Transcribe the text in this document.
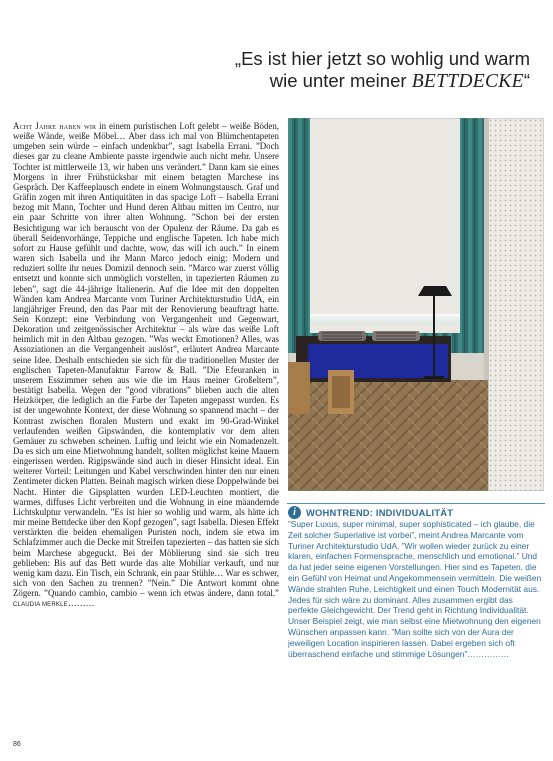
„Es ist hier jetzt so wohlig und warm
wie unter meiner BETTDECKE“

Acht Jahre haben wir in einem puristischen Loft gelebt – weiße Böden, weiße Wände, weiße Möbel… Aber dass ich mal von Blümchentapeten umgeben sein würde – einfach undenkbar”, sagt Isabella Errani. ”Doch dieses gar zu cleane Ambiente passte irgendwie auch nicht mehr. Unsere Tochter ist mittlerweile 13, wir haben uns verändert.” Dann kam sie eines Morgens in ihrer Frühstücksbar mit einem betagten Marchese ins Gespräch. Der Kaffeeplausch endete in einem Wohnungstausch. Graf und Gräfin zogen mit ihren Antiquitäten in das spacige Loft – Isabella Errani bezog mit Mann, Tochter und Hund deren Altbau mitten im Centro, nur ein paar Schritte von ihrer alten Wohnung. ”Schon bei der ersten Besichtigung war ich berauscht von der Opulenz der Räume. Da gab es überall Seidenvorhänge, Teppiche und englische Tapeten. Ich habe mich sofort zu Hause gefühlt und dachte, wow, das will ich auch.” In einem waren sich Isabella und ihr Mann Marco jedoch einig: Modern und reduziert sollte ihr neues Domizil dennoch sein. ”Marco war zuerst völlig entsetzt und konnte sich unmöglich vorstellen, in tapezierten Räumen zu leben”, sagt die 44-jährige Italienerin. Auf die Idee mit den doppelten Wänden kam Andrea Marcante vom Turiner Architekturstudio UdA, ein langjähriger Freund, den das Paar mit der Renovierung beauftragt hatte. Sein Konzept: eine Verbindung von Vergangenheit und Gegenwart, Dekoration und zeitgenössischer Architektur – als wäre das weiße Loft heimlich mit in den Altbau gezogen. ”Was weckt Emotionen? Alles, was Assoziationen an die Vergangenheit auslöst”, erläutert Andrea Marcante seine Idee. Deshalb entschieden sie sich für die traditionellen Muster der englischen Tapeten-Manufaktur Farrow & Ball. ”Die Efeuranken in unserem Esszimmer sehen aus wie die im Haus meiner Großeltern”, bestätigt Isabella. Wegen der ”good vibrations” blieben auch die alten Heizkörper, die lediglich an die Farbe der Tapeten angepasst wurden. Es ist der ungewohnte Kontext, der diese Wohnung so spannend macht – der Kontrast zwischen floralen Mustern und exakt im 90-Grad-Winkel verlaufenden weißen Gipswänden, die kontemplativ vor dem alten Gemäuer zu schweben scheinen. Luftig und leicht wie ein Nomadenzelt. Da es sich um eine Mietwohnung handelt, sollten möglichst keine Mauern eingerissen werden. Rigipswände sind auch in dieser Hinsicht ideal. Ein weiterer Vorteil: Leitungen und Kabel verschwinden hinter den nur einen Zentimeter dicken Platten. Beinah magisch wirken diese Doppelwände bei Nacht. Hinter die Gipsplatten wurden LED-Leuchten montiert, die warmes, diffuses Licht verbreiten und die Wohnung in eine mäandernde Lichtskulptur verwandeln. ”Es ist hier so wohlig und warm, als hätte ich mir meine Bettdecke über den Kopf gezogen”, sagt Isabella. Diesen Effekt verstärkten die beiden ehemaligen Puristen noch, indem sie etwa im Schlafzimmer auch die Decke mit Streifen tapezierten – das hatten sie sich beim Marchese abgeguckt. Bei der Möblierung sind sie sich treu geblieben: Bis auf das Bett wurde das alte Mobiliar verkauft, und nur wenig kam dazu. Ein Tisch, ein Schrank, ein paar Stühle… War es schwer, sich von den Sachen zu trennen? ”Nein.” Die Antwort kommt ohne Zögern. ”Quando cambio, cambio – wenn ich etwas ändere, dann total.” CLAUDIA MERKLE………

i	WOHNTREND: INDIVIDUALITÄT
”Super Luxus, super minimal, super sophisticated – ich glaube, die Zeit solcher Superlative ist vorbei”, meint Andrea Marcante vom Turiner Architekturstudio UdA. ”Wir wollen wieder zurück zu einer klaren, einfachen Formensprache, menschlich und emotional.” Und da hat jeder seine eigenen Vorstellungen. Hier sind es Tapeten, die ein Gefühl von Heimat und Angekommensein vermitteln. Die weißen Wände strahlen Ruhe, Leichtigkeit und einen Touch Modernität aus. Jedes für sich wäre zu dominant. Alles zusammen ergibt das perfekte Gleichgewicht. Der Trend geht in Richtung Individualität. Unser Beispiel zeigt, wie man selbst eine Mietwohnung den eigenen Wünschen anpassen kann. ”Man sollte sich von der Aura der jeweiligen Location inspirieren lassen. Dabei ergeben sich oft überraschend einfache und stimmige Lösungen”……………
86
